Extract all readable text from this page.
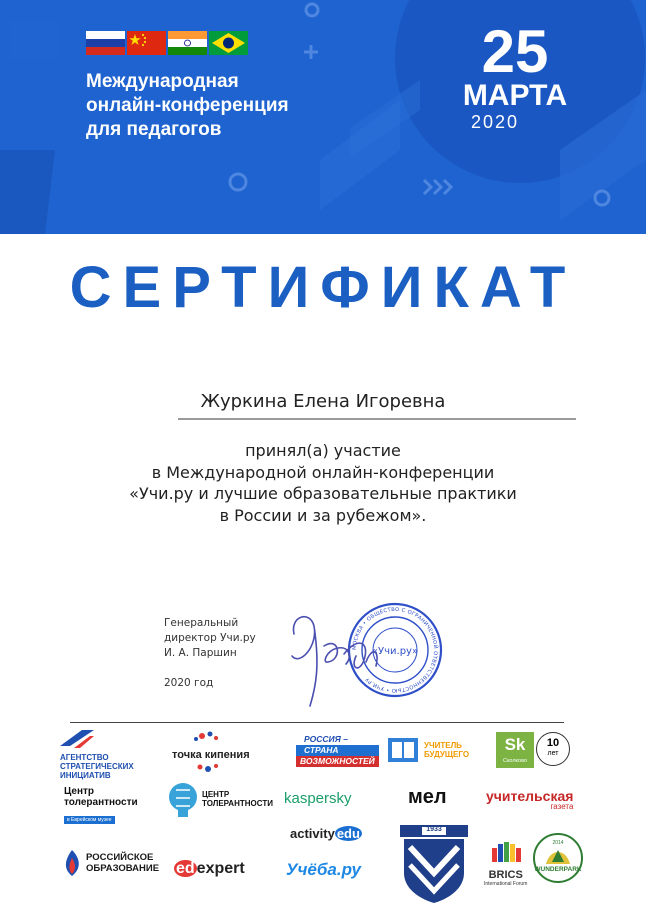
Международная
онлайн-конференция
для педагогов
25
МАРТА
2020
СЕРТИФИКАТ
Журкина Елена Игоревна
принял(а) участие
в Международной онлайн-конференции
«Учи.ру и лучшие образовательные практики
в России и за рубежом».
Генеральный
директор Учи.ру
И. А. Паршин
2020 год
МОСКВА • ОБЩЕСТВО С ОГРАНИЧЕННОЙ ОТВЕТСТВЕННОСТЬЮ • УЧИ.РУ
«Учи.ру»
АГЕНТСТВО
СТРАТЕГИЧЕСКИХ
ИНИЦИАТИВ
точка кипения
РОССИЯ –
СТРАНА
ВОЗМОЖНОСТЕЙ
УЧИТЕЛЬ
БУДУЩЕГО
Sk
Сколково
10
лет
Центр
толерантности
в Еврейском музее
ЦЕНТР
ТОЛЕРАНТНОСТИ kaspersky	мел	учительская
газета
activity edu
РОССИЙСКОЕ
ОБРАЗОВАНИЕ ed expert Учёба.ру
1933
BRICS
International Forum
WUNDERPARK
2014
